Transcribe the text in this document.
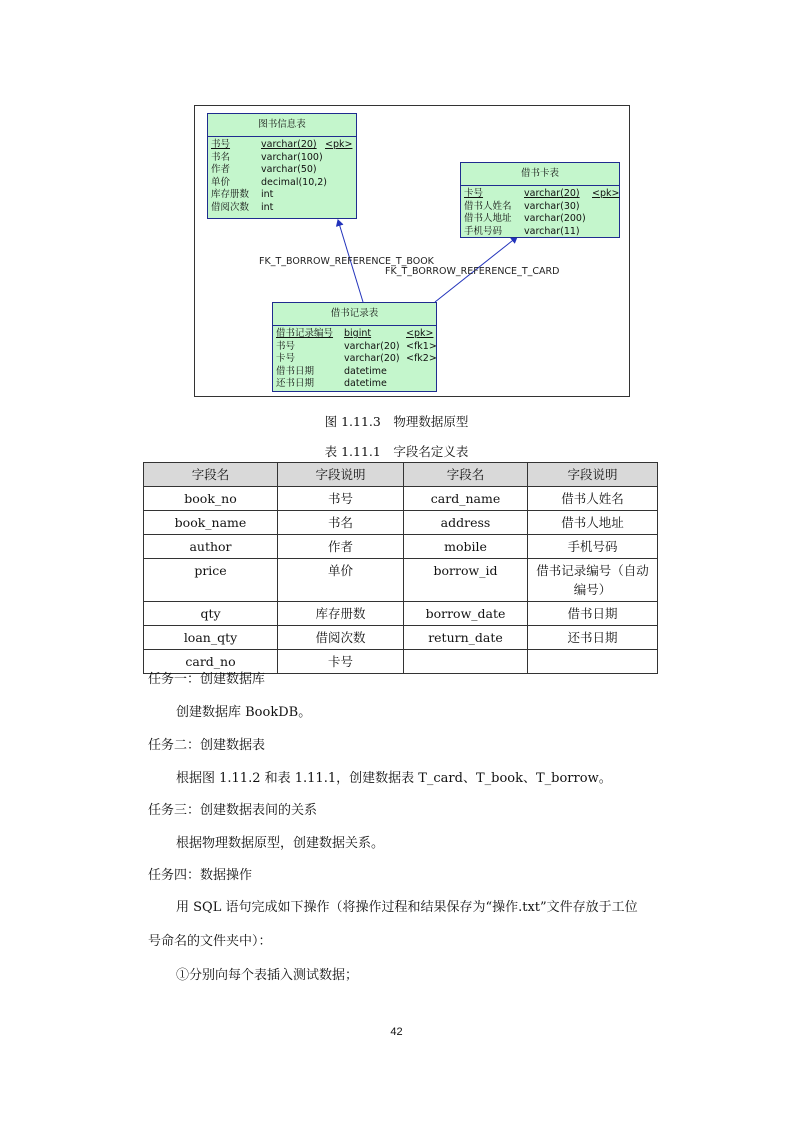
图书信息表
书号	varchar(20) <pk>
书名	varchar(100)
作者	varchar(50)
单价	decimal(10,2)
库存册数	int
借阅次数	int
借书卡表
卡号	varchar(20)	<pk>
借书人姓名	varchar(30)
借书人地址	varchar(200)
手机号码	varchar(11)
借书记录表
借书记录编号	bigint	<pk>
书号	varchar(20) <fk1>
卡号	varchar(20) <fk2>
借书日期	datetime
还书日期	datetime
FK_T_BORROW_REFERENCE_T_BOOK
FK_T_BORROW_REFERENCE_T_CARD
图 1.11.3　物理数据原型
表 1.11.1　字段名定义表
字段名	字段说明	字段名	字段说明
book_no	书号	card_name	借书人姓名
book_name	书名	address	借书人地址
author	作者	mobile	手机号码
price	单价	borrow_id	借书记录编号（自动编号）
qty	库存册数	borrow_date	借书日期
loan_qty	借阅次数	return_date	还书日期
card_no	卡号		
任务一：创建数据库
创建数据库 BookDB。
任务二：创建数据表
根据图 1.11.2 和表 1.11.1，创建数据表 T_card、T_book、T_borrow。
任务三：创建数据表间的关系
根据物理数据原型，创建数据关系。
任务四：数据操作
用 SQL 语句完成如下操作（将操作过程和结果保存为“操作.txt”文件存放于工位
号命名的文件夹中）：
①分别向每个表插入测试数据；
42
